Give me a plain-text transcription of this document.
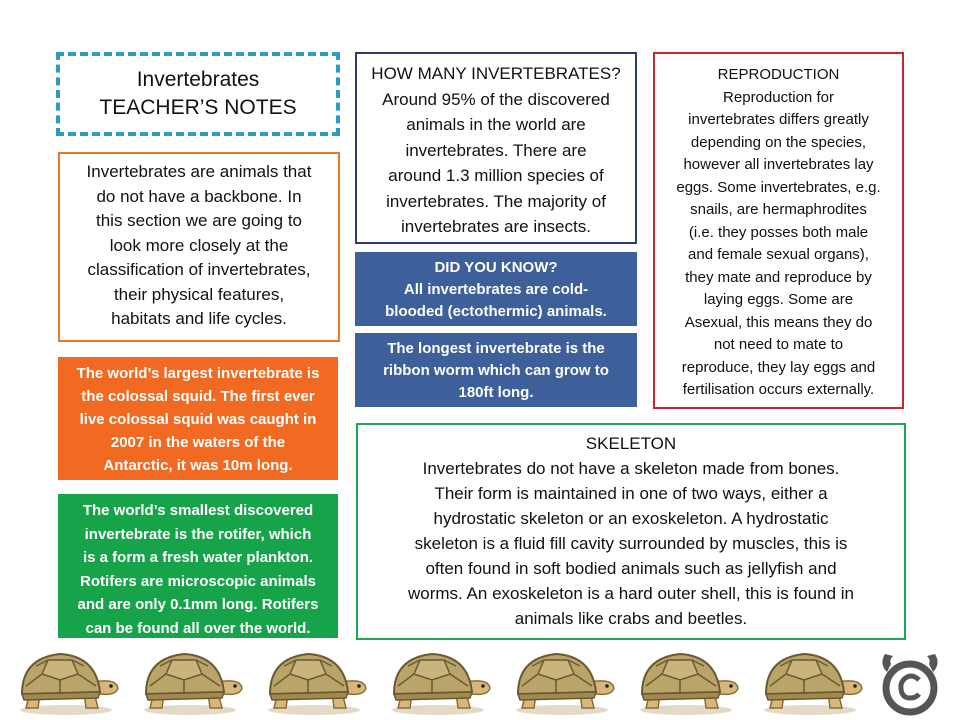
Invertebrates
TEACHER’S NOTES
Invertebrates are animals that
do not have a backbone. In
this section we are going to
look more closely at the
classification of invertebrates,
their physical features,
habitats and life cycles.
HOW MANY INVERTEBRATES?
Around 95% of the discovered
animals in the world are
invertebrates. There are
around 1.3 million species of
invertebrates. The majority of
invertebrates are insects.
REPRODUCTION
Reproduction for
invertebrates differs greatly
depending on the species,
however all invertebrates lay
eggs. Some invertebrates, e.g.
snails, are hermaphrodites
(i.e. they posses both male
and female sexual organs),
they mate and reproduce by
laying eggs. Some are
Asexual, this means they do
not need to mate to
reproduce, they lay eggs and
fertilisation occurs externally.
DID YOU KNOW?
All invertebrates are cold-
blooded (ectothermic) animals.
The longest invertebrate is the
ribbon worm which can grow to
180ft long.
The world’s largest invertebrate is
the colossal squid. The first ever
live colossal squid was caught in
2007 in the waters of the
Antarctic, it was 10m long.
SKELETON
Invertebrates do not have a skeleton made from bones.
Their form is maintained in one of two ways, either a
hydrostatic skeleton or an exoskeleton. A hydrostatic
skeleton is a fluid fill cavity surrounded by muscles, this is
often found in soft bodied animals such as jellyfish and
worms. An exoskeleton is a hard outer shell, this is found in
animals like crabs and beetles.
The world’s smallest discovered
invertebrate is the rotifer, which
is a form a fresh water plankton.
Rotifers are microscopic animals
and are only 0.1mm long. Rotifers
can be found all over the world.
